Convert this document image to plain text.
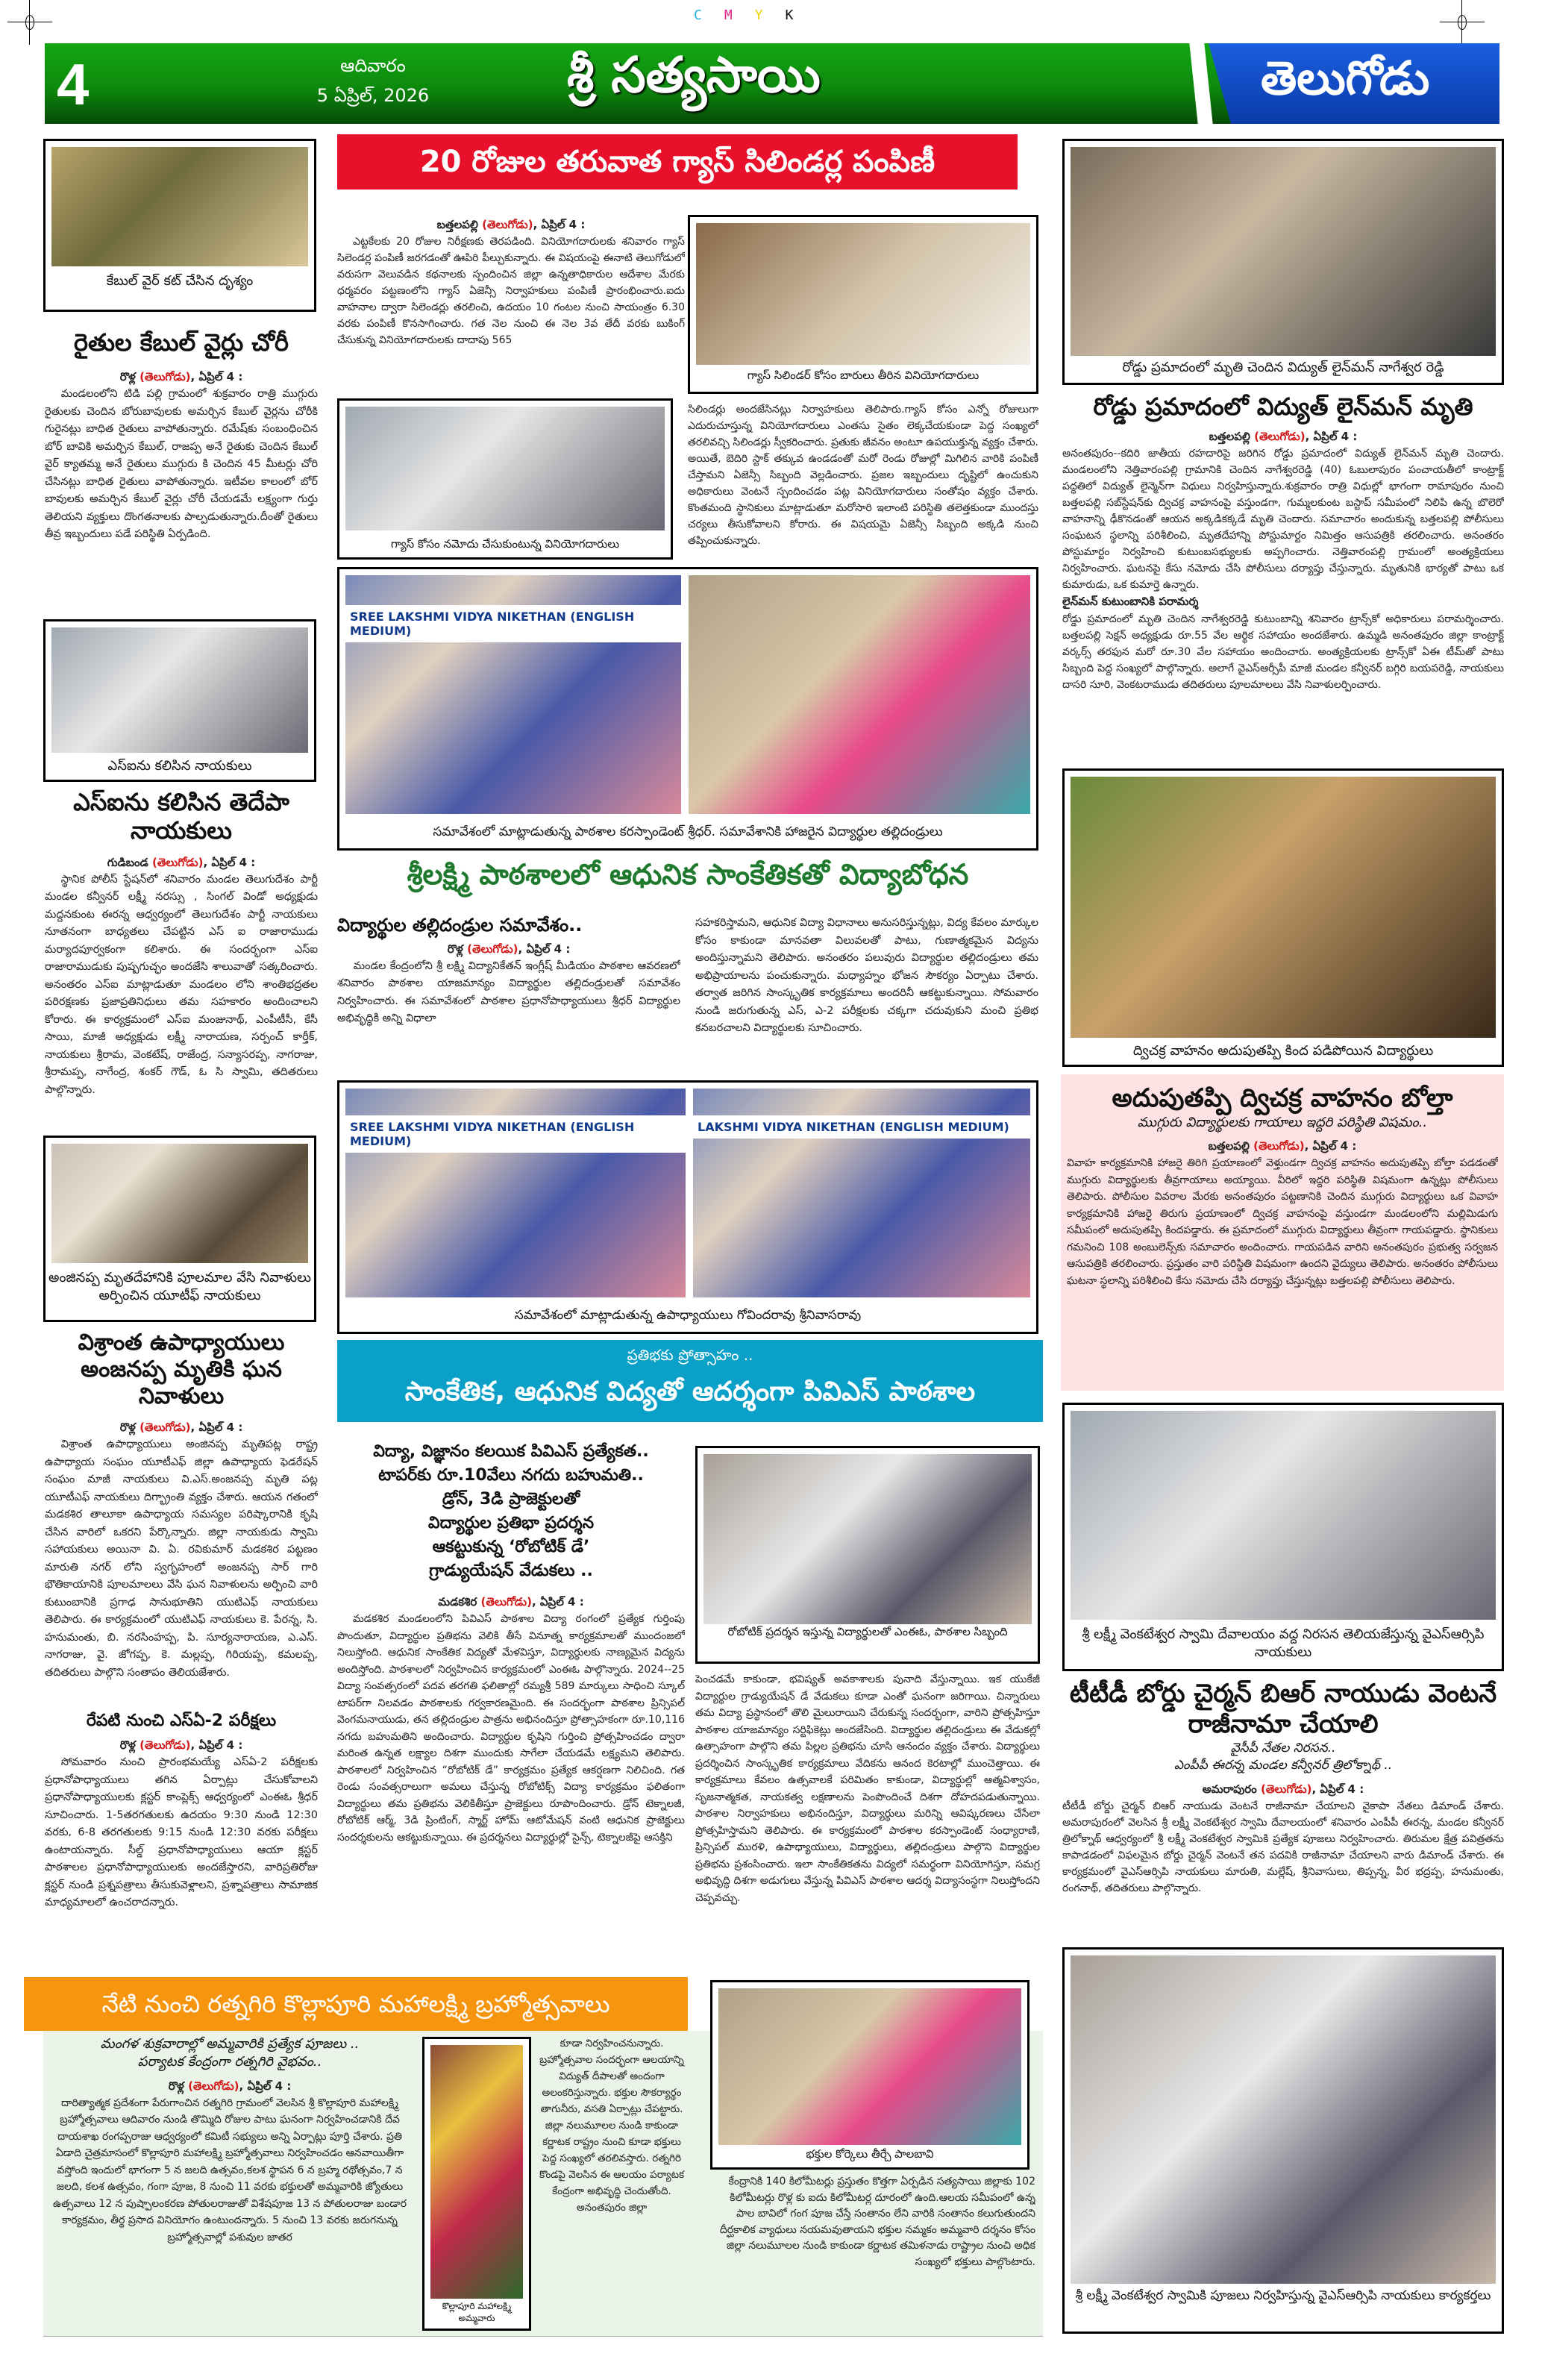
CMYK
4	ఆదివారం
5 ఏప్రిల్, 2026	శ్రీ సత్యసాయి	తెలుగోడు
కేబుల్ వైర్ కట్ చేసిన దృశ్యం
రైతుల కేబుల్ వైర్లు చోరీ
రొళ్ల (తెలుగోడు), ఏప్రిల్ 4 :
మండలంలోని టిడి పల్లి గ్రామంలో శుక్రవారం రాత్రి ముగ్గురు రైతులకు చెందిన బోరుబావులకు అమర్చిన కేబుల్ వైర్లను చోరీకి గురైనట్లు బాధిత రైతులు వాపోతున్నారు. రమేష్‌కు సంబంధించిన బోర్ బావికి అమర్చిన కేబుల్, రాజప్ప అనే రైతుకు చెందిన కేబుల్ వైర్ క్యాతమ్మ అనే రైతులు ముగ్గురు కి చెందిన 45 మీటర్లు చోరి చేసినట్లు బాధిత రైతులు వాపోతున్నారు. ఇటీవల కాలంలో బోర్ బావులకు అమర్చిన కేబుల్ వైర్లు చోరీ చేయడమే లక్ష్యంగా గుర్తు తెలియని వ్యక్తులు దొంగతనాలకు పాల్పడుతున్నారు.దీంతో రైతులు తీవ్ర ఇబ్బందులు పడే పరిస్థితి ఏర్పడింది.
ఎస్ఐను కలిసిన నాయకులు
ఎస్ఐను కలిసిన తెదేపా నాయకులు
గుడిబండ (తెలుగోడు), ఏప్రిల్ 4 :
స్థానిక పోలీస్ స్టేషన్‌లో శనివారం మండల తెలుగుదేశం పార్టీ మండల కన్వీనర్ లక్ష్మీ నరస్సు , సింగల్ విండో అధ్యక్షుడు మద్దనకుంట ఈరన్న ఆధ్వర్యంలో తెలుగుదేశం పార్టీ నాయకులు నూతనంగా బాధ్యతలు చేపట్టిన ఎస్ ఐ రాజారాముడు మర్యాదపూర్వకంగా కలిశారు. ఈ సందర్భంగా ఎస్ఐ రాజారాముడుకు పుష్పగుచ్ఛం అందజేసి శాలువాతో సత్కరించారు. అనంతరం ఎస్ఐ మాట్లాడుతూ మండలం లోని శాంతిభద్రతల పరిరక్షణకు ప్రజాప్రతినిధులు తమ సహకారం అందించాలని కోరారు. ఈ కార్యక్రమంలో ఎస్ఐ మంజునాథ్, ఎంపీటీసీ, కేసీ సాయి, మాజీ అధ్యక్షుడు లక్ష్మీ నారాయణ, సర్పంచ్ కార్తీక్, నాయకులు శ్రీరామ, వెంకటేష్, రాజేంద్ర, సన్యాసరప్ప, నాగరాజు, శ్రీరామప్ప, నాగేంద్ర, శంకర్ గౌడ్, ఓ సి స్వామి, తదితరులు పాల్గొన్నారు.
అంజినప్ప మృతదేహానికి పూలమాల వేసి నివాళులు అర్పించిన యూటీఫ్ నాయకులు
విశ్రాంత ఉపాధ్యాయులు అంజనప్ప మృతికి ఘన నివాళులు
రొళ్ల (తెలుగోడు), ఏప్రిల్ 4 :
విశ్రాంత ఉపాధ్యాయులు అంజినప్ప మృతిపట్ల రాష్ట్ర ఉపాధ్యాయ సంఘం యూటీఎఫ్ జిల్లా ఉపాధ్యాయ ఫెడరేషన్ సంఘం మాజీ నాయకులు వి.ఎస్.అంజనప్ప మృతి పట్ల యూటీఎఫ్ నాయకులు దిగ్భ్రాంతి వ్యక్తం చేశారు. ఆయన గతంలో మడకశిర తాలూకా ఉపాధ్యాయ సమస్యల పరిష్కారానికి కృషి చేసిన వారిలో ఒకరని పేర్కొన్నారు. జిల్లా నాయకుడు స్వామి సహాయకులు అయినా వి. ఏ. రవికుమార్ మడకశిర పట్టణం మారుతి నగర్ లోని స్వగృహంలో అంజనప్ప సార్ గారి భౌతికాయానికి పూలమాలలు వేసి ఘన నివాళులను అర్పించి వారి కుటుంబానికి ప్రగాఢ సానుభూతిని యుటిఎఫ్ నాయకులు తెలిపారు. ఈ కార్యక్రమంలో యుటిఎఫ్ నాయకులు కె. పేరన్న, సి. హనుమంతు, బి. నరసింహప్ప, పి. సూర్యనారాయణ, ఎ.ఎస్. నాగరాజు, వై. జోగప్ప, కె. మల్లప్ప, గిరియప్ప, కమలప్ప, తదితరులు పాల్గొని సంతాపం తెలియజేశారు.
రేపటి నుంచి ఎస్ఏ-2 పరీక్షలు
రొళ్ల (తెలుగోడు), ఏప్రిల్ 4 :
సోమవారం నుంచి ప్రారంభమయ్యే ఎస్ఏ-2 పరీక్షలకు ప్రధానోపాధ్యాయులు తగిన ఏర్పాట్లు చేసుకోవాలని ప్రధానోపాధ్యాయులకు క్లస్టర్ కాంప్లెక్స్ ఆధ్వర్యంలో ఎంఈఓ శ్రీధర్ సూచించారు. 1-5తరగతులకు ఉదయం 9:30 నుండి 12:30 వరకు, 6-8 తరగతులకు 9:15 నుండి 12:30 వరకు పరీక్షలు ఉంటాయన్నారు. సీల్డ్ ప్రధానోపాధ్యాయులు ఆయా క్లస్టర్ పాఠశాలల ప్రధానోపాధ్యాయులకు అందజేస్తారని, వారిప్రతిరోజు క్లస్టర్ నుండి ప్రశ్నపత్రాలు తీసుకువెళ్లాలని, ప్రశ్నాపత్రాలు సామాజిక మాధ్యమాలలో ఉంచరాదన్నారు.
20 రోజుల తరువాత గ్యాస్ సిలిండర్ల పంపిణీ
బత్తలపల్లి (తెలుగోడు), ఏప్రిల్ 4 :
ఎట్టకేలకు 20 రోజుల నిరీక్షణకు తెరపడింది. వినియోగదారులకు శనివారం గ్యాస్ సిలెండర్ల పంపిణీ జరగడంతో ఊపిరి పీల్చుకున్నారు. ఈ విషయంపై ఈనాటి తెలుగోడులో వరుసగా వెలువడిన కథనాలకు స్పందించిన జిల్లా ఉన్నతాధికారుల ఆదేశాల మేరకు ధర్మవరం పట్టణంలోని గ్యాస్ ఏజెన్సీ నిర్వాహకులు పంపిణీ ప్రారంభించారు.ఐదు వాహనాల ద్వారా సిలెండర్లు తరలించి, ఉదయం 10 గంటల నుంచి సాయంత్రం 6.30 వరకు పంపిణీ కొనసాగించారు. గత నెల నుంచి ఈ నెల 3వ తేదీ వరకు బుకింగ్ చేసుకున్న వినియోగదారులకు దాదాపు 565
గ్యాస్ సిలిండర్ కోసం బారులు తీరిన వినియోగదారులు
గ్యాస్ కోసం నమోదు చేసుకుంటున్న వినియోగదారులు
సిలిండర్లు అందజేసినట్లు నిర్వాహకులు తెలిపారు.గ్యాస్ కోసం ఎన్నో రోజులుగా ఎదురుచూస్తున్న వినియోగదారులు ఎంతసు సైతం లెక్కచేయకుండా పెద్ద సంఖ్యలో తరలివచ్చి సిలిండర్లు స్వీకరించారు. ప్రతుకు జీవనం అంటూ ఉపయుక్తున్న వ్యక్తం చేశారు. అయితే, బెదిరి స్టాక్ తక్కువ ఉండడంతో మరో రెండు రోజుల్లో మిగిలిన వారికి పంపిణీ చేస్తామని ఏజెన్సీ సిబ్బంది వెల్లడించారు. ప్రజల ఇబ్బందులు దృష్టిలో ఉంచుకుని అధికారులు వెంటనే స్పందించడం పట్ల వినియోగదారులు సంతోషం వ్యక్తం చేశారు. కొంతమంది స్థానికులు మాట్లాడుతూ మరోసారి ఇలాంటి పరిస్థితి తలెత్తకుండా ముందస్తు చర్యలు తీసుకోవాలని కోరారు. ఈ విషయమై ఏజెన్సీ సిబ్బంది అక్కడి నుంచి తప్పించుకున్నారు.
SREE LAKSHMI VIDYA NIKETHAN (ENGLISH MEDIUM)
సమావేశంలో మాట్లాడుతున్న పాఠశాల కరస్పాండెంట్ శ్రీధర్. సమావేశానికి హాజరైన విద్యార్థుల తల్లిదండ్రులు
శ్రీలక్ష్మి పాఠశాలలో ఆధునిక సాంకేతికతో విద్యాబోధన
విద్యార్థుల తల్లిదండ్రుల సమావేశం..
రొళ్ల (తెలుగోడు), ఏప్రిల్ 4 :
మండల కేంద్రంలోని శ్రీ లక్ష్మి విద్యానికేతన్ ఇంగ్లీష్ మీడియం పాఠశాల ఆవరణలో శనివారం పాఠశాల యాజమాన్యం విద్యార్థుల తల్లిదండ్రులతో సమావేశం నిర్వహించారు. ఈ సమావేశంలో పాఠశాల ప్రధానోపాధ్యాయులు శ్రీధర్ విద్యార్థుల అభివృద్ధికి అన్ని విధాలా
సహకరిస్తామని, ఆధునిక విద్యా విధానాలు అనుసరిస్తున్నట్లు, విద్య కేవలం మార్కుల కోసం కాకుండా మానవతా విలువలతో పాటు, గుణాత్మకమైన విద్యను అందిస్తున్నామని తెలిపారు. అనంతరం పలువురు విద్యార్థుల తల్లిదండ్రులు తమ అభిప్రాయాలను పంచుకున్నారు. మధ్యాహ్నం భోజన సౌకర్యం ఏర్పాటు చేశారు. తర్వాత జరిగిన సాంస్కృతిక కార్యక్రమాలు అందరినీ ఆకట్టుకున్నాయి. సోమవారం నుండి జరుగుతున్న ఎస్, ఎ-2 పరీక్షలకు చక్కగా చదువుకుని మంచి ప్రతిభ కనబరచాలని విద్యార్థులకు సూచించారు.
SREE LAKSHMI VIDYA NIKETHAN (ENGLISH MEDIUM)
LAKSHMI VIDYA NIKETHAN (ENGLISH MEDIUM)
సమావేశంలో మాట్లాడుతున్న ఉపాధ్యాయులు గోవిందరావు శ్రీనివాసరావు
ప్రతిభకు ప్రోత్సాహం ..
సాంకేతిక, ఆధునిక విద్యతో ఆదర్శంగా పివిఎస్ పాఠశాల
విద్యా, విజ్ఞానం కలయిక పివిఎస్ ప్రత్యేకత..
టాపర్‌కు రూ.10వేలు నగదు బహుమతి..
డ్రోన్, 3డి ప్రాజెక్టులతో
విద్యార్థుల ప్రతిభా ప్రదర్శన
ఆకట్టుకున్న ‘రోబోటిక్ డే’
గ్రాడ్యుయేషన్ వేడుకలు ..
మడకశిర (తెలుగోడు), ఏప్రిల్ 4 :
మడకశిర మండలంలోని పివిఎస్ పాఠశాల విద్యా రంగంలో ప్రత్యేక గుర్తింపు పొందుతూ, విద్యార్థుల ప్రతిభను వెలికి తీసే వినూత్న కార్యక్రమాలతో ముందంజలో నిలుస్తోంది. ఆధునిక సాంకేతిక విద్యతో మేళవిస్తూ, విద్యార్థులకు నాణ్యమైన విద్యను అందిస్తోంది. పాఠశాలలో నిర్వహించిన కార్యక్రమంలో ఎంఈఓ పాల్గొన్నారు. 2024--25 విద్యా సంవత్సరంలో పదవ తరగతి ఫలితాల్లో రమ్యశ్రీ 589 మార్కులు సాధించి స్కూల్ టాపర్‌గా నిలవడం పాఠశాలకు గర్వకారణమైంది. ఈ సందర్భంగా పాఠశాల ప్రిన్సిపల్ వెంగమనాయుడు, తన తల్లిదండ్రుల పాత్రను అభినందిస్తూ ప్రోత్సాహకంగా రూ.10,116 నగదు బహుమతిని అందించారు. విద్యార్థుల కృషిని గుర్తించి ప్రోత్సహించడం ద్వారా మరింత ఉన్నత లక్ష్యాల దిశగా ముందుకు సాగేలా చేయడమే లక్ష్యమని తెలిపారు. పాఠశాలలో నిర్వహించిన “రోబోటిక్ డే” కార్యక్రమం ప్రత్యేక ఆకర్షణగా నిలిచింది. గత రెండు సంవత్సరాలుగా అమలు చేస్తున్న రోబోటిక్స్ విద్యా కార్యక్రమం ఫలితంగా విద్యార్థులు తమ ప్రతిభను వెలికితీస్తూ ప్రాజెక్టులు రూపొందించారు. డ్రోన్ టెక్నాలజీ, రోబోటిక్ ఆర్మ్, 3డి ప్రింటింగ్, స్మార్ట్ హోమ్ ఆటోమేషన్ వంటి ఆధునిక ప్రాజెక్టులు సందర్శకులను ఆకట్టుకున్నాయి. ఈ ప్రదర్శనలు విద్యార్థుల్లో సైన్స్, టెక్నాలజీపై ఆసక్తిని
రోబోటిక్ ప్రదర్శన ఇస్తున్న విద్యార్థులతో ఎంఈఓ, పాఠశాల సిబ్బంది
పెంచడమే కాకుండా, భవిష్యత్ అవకాశాలకు పునాది వేస్తున్నాయి. ఇక యుకేజీ విద్యార్థుల గ్రాడ్యుయేషన్ డే వేడుకలు కూడా ఎంతో ఘనంగా జరిగాయి. చిన్నారులు తమ విద్యా ప్రస్థానంలో తొలి మైలురాయిని చేరుకున్న సందర్భంగా, వారిని ప్రోత్సహిస్తూ పాఠశాల యాజమాన్యం సర్టిఫికెట్లు అందజేసింది. విద్యార్థుల తల్లిదండ్రులు ఈ వేడుకల్లో ఉత్సాహంగా పాల్గొని తమ పిల్లల ప్రతిభను చూసి ఆనందం వ్యక్తం చేశారు. విద్యార్థులు ప్రదర్శించిన సాంస్కృతిక కార్యక్రమాలు వేదికను ఆనంద కెరటాల్లో ముంచెత్తాయి. ఈ కార్యక్రమాలు కేవలం ఉత్సవాలకే పరిమితం కాకుండా, విద్యార్థుల్లో ఆత్మవిశ్వాసం, సృజనాత్మకత, నాయకత్వ లక్షణాలను పెంపొందించే దిశగా దోహదపడుతున్నాయి. పాఠశాల నిర్వాహకులు అభినందిస్తూ, విద్యార్థులు మరిన్ని ఆవిష్కరణలు చేసేలా ప్రోత్సహిస్తామని తెలిపారు. ఈ కార్యక్రమంలో పాఠశాల కరస్పాండెంట్ సంధ్యారాణి, ప్రిన్సిపల్ మురళి, ఉపాధ్యాయులు, విద్యార్థులు, తల్లిదండ్రులు పాల్గొని విద్యార్థుల ప్రతిభను ప్రశంసించారు. ఇలా సాంకేతికతను విద్యలో సమర్థంగా వినియోగిస్తూ, సమగ్ర అభివృద్ధి దిశగా అడుగులు వేస్తున్న పివిఎస్ పాఠశాల ఆదర్శ విద్యాసంస్థగా నిలుస్తోందని చెప్పవచ్చు.
రోడ్డు ప్రమాదంలో మృతి చెందిన విద్యుత్ లైన్‌మన్ నాగేశ్వర రెడ్డి
రోడ్డు ప్రమాదంలో విద్యుత్ లైన్‌మన్ మృతి
బత్తలపల్లి (తెలుగోడు), ఏప్రిల్ 4 :
అనంతపురం--కదిరి జాతీయ రహదారిపై జరిగిన రోడ్డు ప్రమాదంలో విద్యుత్ లైన్‌మన్ మృతి చెందారు. మండలంలోని నెత్తివారంపల్లి గ్రామానికి చెందిన నాగేశ్వరరెడ్డి (40) ఓబులాపురం పంచాయతీలో కాంట్రాక్ట్ పద్ధతిలో విద్యుత్ లైన్మెన్‌గా విధులు నిర్వహిస్తున్నారు.శుక్రవారం రాత్రి విధుల్లో భాగంగా రామాపురం నుంచి బత్తలపల్లి సబ్‌స్టేషన్‌కు ద్విచక్ర వాహనంపై వస్తుండగా, గుమ్మలకుంట బస్టాప్ సమీపంలో నిలిపి ఉన్న బొలెరో వాహనాన్ని ఢీకొనడంతో ఆయన అక్కడికక్కడే మృతి చెందారు. సమాచారం అందుకున్న బత్తలపల్లి పోలీసులు సంఘటన స్థలాన్ని పరిశీలించి, మృతదేహాన్ని పోస్టుమార్టం నిమిత్తం ఆసుపత్రికి తరలించారు. అనంతరం పోస్టుమార్టం నిర్వహించి కుటుంబసభ్యులకు అప్పగించారు. నెత్తివారంపల్లి గ్రామంలో అంత్యక్రియలు నిర్వహించారు. ఘటనపై కేసు నమోదు చేసి పోలీసులు దర్యాప్తు చేస్తున్నారు. మృతునికి భార్యతో పాటు ఒక కుమారుడు, ఒక కుమార్తె ఉన్నారు.
లైన్‌మన్ కుటుంబానికి పరామర్శ
రోడ్డు ప్రమాదంలో మృతి చెందిన నాగేశ్వరరెడ్డి కుటుంబాన్ని శనివారం ట్రాన్స్‌కో అధికారులు పరామర్శించారు. బత్తలపల్లి సెక్షన్ అధ్యక్షుడు రూ.55 వేల ఆర్థిక సహాయం అందజేశారు. ఉమ్మడి అనంతపురం జిల్లా కాంట్రాక్ట్ వర్కర్స్ తరఫున మరో రూ.30 వేల సహాయం అందించారు. అంత్యక్రియలకు ట్రాన్స్‌కో ఏఈ టీమ్‌తో పాటు సిబ్బంది పెద్ద సంఖ్యలో పాల్గొన్నారు. అలాగే వైఎస్ఆర్సీపీ మాజీ మండల కన్వీనర్ బగ్గిరి బయపరెడ్డి, నాయకులు దాసరి సూరి, వెంకటరాముడు తదితరులు పూలమాలలు వేసి నివాళులర్పించారు.
ద్విచక్ర వాహనం అదుపుతప్పి కింద పడిపోయిన విద్యార్థులు
అదుపుతప్పి ద్విచక్ర వాహనం బోల్తా
ముగ్గురు విద్యార్థులకు గాయాలు ఇద్దరి పరిస్థితి విషమం..
బత్తలపల్లి (తెలుగోడు), ఏప్రిల్ 4 :
వివాహ కార్యక్రమానికి హాజరై తిరిగి ప్రయాణంలో వెళ్తుండగా ద్విచక్ర వాహనం అదుపుతప్పి బోల్తా పడడంతో ముగ్గురు విద్యార్థులకు తీవ్రగాయాలు అయ్యాయి. వీరిలో ఇద్దరి పరిస్థితి విషమంగా ఉన్నట్లు పోలీసులు తెలిపారు. పోలీసుల వివరాల మేరకు అనంతపురం పట్టణానికి చెందిన ముగ్గురు విద్యార్థులు ఒక వివాహ కార్యక్రమానికి హాజరై తిరుగు ప్రయాణంలో ద్విచక్ర వాహనంపై వస్తుండగా మండలంలోని మల్లిమిడుగు సమీపంలో అదుపుతప్పి కిందపడ్డారు. ఈ ప్రమాదంలో ముగ్గురు విద్యార్థులు తీవ్రంగా గాయపడ్డారు. స్థానికులు గమనించి 108 అంబులెన్స్‌కు సమాచారం అందించారు. గాయపడిన వారిని అనంతపురం ప్రభుత్వ సర్వజన ఆసుపత్రికి తరలించారు. ప్రస్తుతం వారి పరిస్థితి విషమంగా ఉందని వైద్యులు తెలిపారు. అనంతరం పోలీసులు ఘటనా స్థలాన్ని పరిశీలించి కేసు నమోదు చేసి దర్యాప్తు చేస్తున్నట్లు బత్తలపల్లి పోలీసులు తెలిపారు.
శ్రీ లక్ష్మీ వెంకటేశ్వర స్వామి దేవాలయం వద్ద నిరసన తెలియజేస్తున్న వైఎస్ఆర్సిపి నాయకులు
టీటీడీ బోర్డు చైర్మన్ బిఆర్ నాయుడు వెంటనే రాజీనామా చేయాలి
వైసీపీ నేతల నిరసన..
ఎంపీపీ ఈరన్న మండల కన్వీనర్ త్రిలోక్నాథ్ ..
అమరాపురం (తెలుగోడు), ఏప్రిల్ 4 :
టీటీడీ బోర్డు చైర్మన్ బిఆర్ నాయుడు వెంటనే రాజీనామా చేయాలని వైకాపా నేతలు డిమాండ్ చేశారు. అమరాపురంలో వెలసిన శ్రీ లక్ష్మీ వెంకటేశ్వర స్వామి దేవాలయంలో శనివారం ఎంపీపీ ఈరన్న, మండల కన్వీనర్ త్రిలోక్నాథ్ ఆధ్వర్యంలో శ్రీ లక్ష్మీ వెంకటేశ్వర స్వామికి ప్రత్యేక పూజలు నిర్వహించారు. తిరుమల క్షేత్ర పవిత్రతను కాపాడడంలో విఫలమైన బోర్డు చైర్మన్ వెంటనే తన పదవికి రాజీనామా చేయాలని వారు డిమాండ్ చేశారు. ఈ కార్యక్రమంలో వైఎస్ఆర్సిపి నాయకులు మారుతి, మల్లేష్, శ్రీనివాసులు, తిప్పన్న, వీర భద్రప్ప, హనుమంతు, రంగనాథ్, తదితరులు పాల్గొన్నారు.
శ్రీ లక్ష్మీ వెంకటేశ్వర స్వామికి పూజలు నిర్వహిస్తున్న వైఎస్ఆర్సిపి నాయకులు కార్యకర్తలు
నేటి నుంచి రత్నగిరి కొల్లాపూరి మహాలక్ష్మి బ్రహ్మోత్సవాలు
మంగళ శుక్రవారాల్లో అమ్మవారికి ప్రత్యేక పూజలు ..
పర్యాటక కేంద్రంగా రత్నగిరి వైభవం..
రొళ్ల (తెలుగోడు), ఏప్రిల్ 4 :
దారిత్యాత్మక ప్రదేశంగా పేరుగాంచిన రత్నగిరి గ్రామంలో వెలసిన శ్రీ కొల్లాపూరి మహాలక్ష్మి బ్రహ్మోత్సవాలు ఆదివారం నుండి తొమ్మిది రోజుల పాటు ఘనంగా నిర్వహించడానికి దేవ దాయశాఖ రంగప్పరాజు ఆధ్వర్యంలో కమిటీ సభ్యులు అన్ని ఏర్పాట్లు పూర్తి చేశారు. ప్రతి ఏడాది చైత్రమాసంలో కొల్లాపూరి మహాలక్ష్మి బ్రహ్మోత్సవాలు నిర్వహించడం ఆనవాయితీగా వస్తోంది ఇందులో భాగంగా 5 న జలది ఉత్సవం,కలశ స్థాపన 6 న బ్రహ్మ రథోత్సవం,7 న జలది, కలశ ఉత్సవం, గంగా పూజ, 8 నుంచి 11 వరకు భక్తులతో అమ్మవారికి జ్యోతులు ఉత్సవాలు 12 న పుష్పాలంకరణ పోతులరాజుతో విశేషపూజ 13 న పోతులరాజు బండార కార్యక్రమం, తీర్థ ప్రసాద వినియోగం ఉంటుందన్నారు. 5 నుంచి 13 వరకు జరుగనున్న బ్రహ్మోత్సవాల్లో పశువుల జాతర
కొల్లాపూరి మహాలక్ష్మి అమ్మవారు
కూడా నిర్వహించనున్నారు. బ్రహ్మోత్సవాల సందర్భంగా ఆలయాన్ని విద్యుత్ దీపాలతో అందంగా అలంకరిస్తున్నారు. భక్తుల సౌకర్యార్థం తాగునీరు, వసతి ఏర్పాట్లు చేపట్టారు. జిల్లా నలుమూలల నుండి కాకుండా కర్ణాటక రాష్ట్రం నుంచి కూడా భక్తులు పెద్ద సంఖ్యలో తరలివస్తారు. రత్నగిరి కొండపై వెలసిన ఈ ఆలయం పర్యాటక కేంద్రంగా అభివృద్ధి చెందుతోంది. అనంతపురం జిల్లా
భక్తుల కోర్కెలు తీర్చే పాలబావి
కేంద్రానికి 140 కిలోమీటర్లు ప్రస్తుతం కొత్తగా ఏర్పడిన సత్యసాయి జిల్లాకు 102 కిలోమీటర్లు రొళ్ల కు ఐదు కిలోమీటర్ల దూరంలో ఉంది.ఆలయ సమీపంలో ఉన్న పాల బావిలో గంగ పూజ చేస్తే సంతానం లేని వారికి సంతానం కలుగుతుందని దీర్ఘకాలిక వ్యాధులు నయమవుతాయని భక్తుల నమ్మకం అమ్మవారి దర్శనం కోసం జిల్లా నలుమూలల నుండి కాకుండా కర్ణాటక తమిళనాడు రాష్ట్రాల నుంచి అధిక సంఖ్యలో భక్తులు పాల్గొంటారు.
